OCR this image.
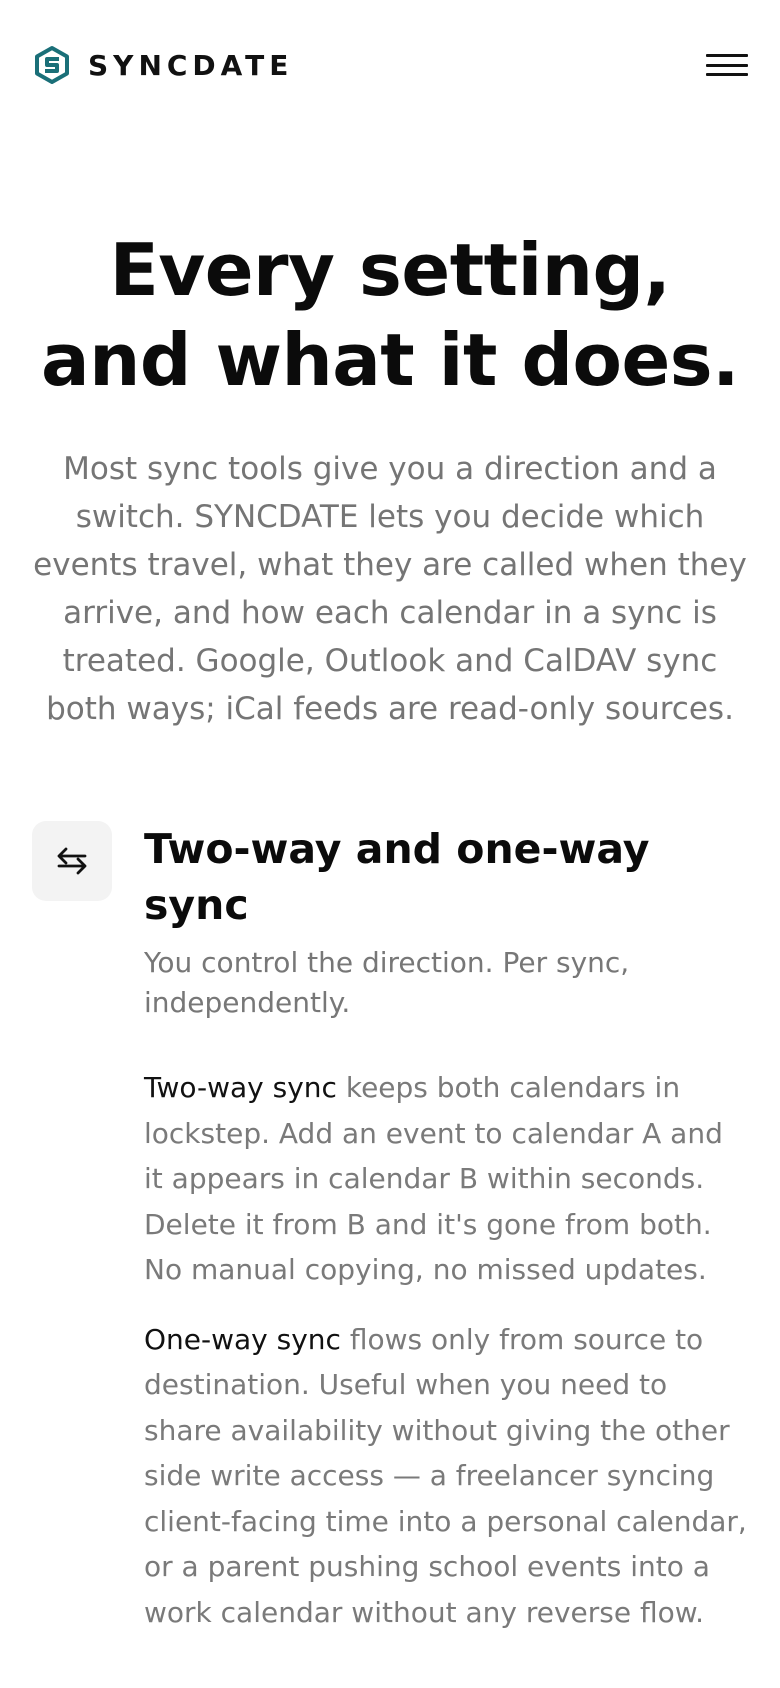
SYNCDATE
Every setting, and what it does.

Most sync tools give you a direction and a switch. SYNCDATE lets you decide which events travel, what they are called when they arrive, and how each calendar in a sync is treated. Google, Outlook and CalDAV sync both ways; iCal feeds are read-only sources.

Two-way and one-way sync

You control the direction. Per sync, independently.

Two-way sync keeps both calendars in lockstep. Add an event to calendar A and it appears in calendar B within seconds. Delete it from B and it's gone from both. No manual copying, no missed updates.

One-way sync flows only from source to destination. Useful when you need to share availability without giving the other side write access — a freelancer syncing client-facing time into a personal calendar, or a parent pushing school events into a work calendar without any reverse flow.
